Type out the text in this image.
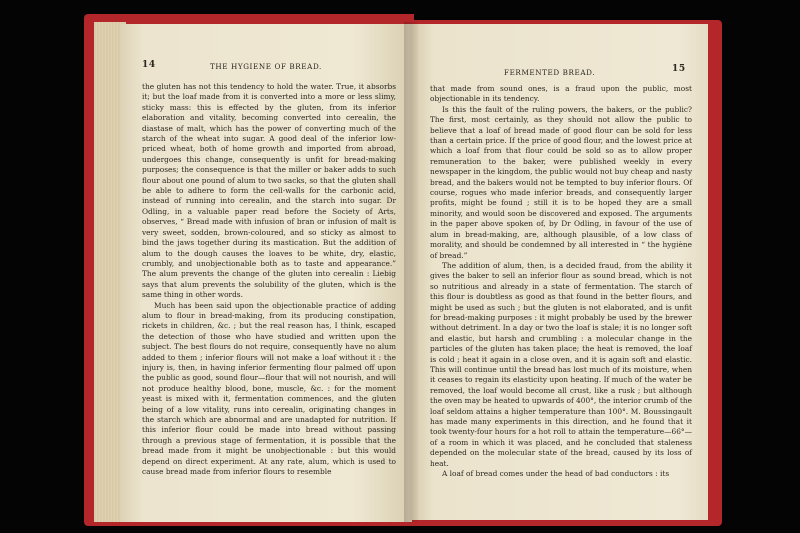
14	THE HYGIENE OF BREAD.

the gluten has not this tendency to hold the water. True, it absorbs it; but the loaf made from it is converted into a more or less slimy, sticky mass: this is effected by the gluten, from its inferior elaboration and vitality, becoming converted into cerealin, the diastase of malt, which has the power of converting much of the starch of the wheat into sugar. A good deal of the inferior low-priced wheat, both of home growth and imported from abroad, undergoes this change, consequently is unfit for bread-making purposes; the consequence is that the miller or baker adds to such flour about one pound of alum to two sacks, so that the gluten shall be able to adhere to form the cell-walls for the carbonic acid, instead of running into cerealin, and the starch into sugar. Dr Odling, in a valuable paper read before the Society of Arts, observes, “ Bread made with infusion of bran or infusion of malt is very sweet, sodden, brown-coloured, and so sticky as almost to bind the jaws together during its mastication. But the addition of alum to the dough causes the loaves to be white, dry, elastic, crumbly, and unobjectionable both as to taste and appearance.” The alum prevents the change of the gluten into cerealin : Liebig says that alum prevents the solubility of the gluten, which is the same thing in other words.

Much has been said upon the objectionable practice of adding alum to flour in bread-making, from its producing constipation, rickets in children, &c. ; but the real reason has, I think, escaped the detection of those who have studied and written upon the subject. The best flours do not require, consequently have no alum added to them ; inferior flours will not make a loaf without it : the injury is, then, in having inferior fermenting flour palmed off upon the public as good, sound flour—flour that will not nourish, and will not produce healthy blood, bone, muscle, &c. : for the moment yeast is mixed with it, fermentation commences, and the gluten being of a low vitality, runs into cerealin, originating changes in the starch which are abnormal and are unadapted for nutrition. If this inferior flour could be made into bread without passing through a previous stage of fermentation, it is possible that the bread made from it might be unobjectionable : but this would depend on direct experiment. At any rate, alum, which is used to cause bread made from inferior flours to resemble

FERMENTED BREAD.	15

that made from sound ones, is a fraud upon the public, most objectionable in its tendency.

Is this the fault of the ruling powers, the bakers, or the public? The first, most certainly, as they should not allow the public to believe that a loaf of bread made of good flour can be sold for less than a certain price. If the price of good flour, and the lowest price at which a loaf from that flour could be sold so as to allow proper remuneration to the baker, were published weekly in every newspaper in the kingdom, the public would not buy cheap and nasty bread, and the bakers would not be tempted to buy inferior flours. Of course, rogues who made inferior breads, and consequently larger profits, might be found ; still it is to be hoped they are a small minority, and would soon be discovered and exposed. The arguments in the paper above spoken of, by Dr Odling, in favour of the use of alum in bread-making, are, although plausible, of a low class of morality, and should be condemned by all interested in “ the hygiène of bread.”

The addition of alum, then, is a decided fraud, from the ability it gives the baker to sell an inferior flour as sound bread, which is not so nutritious and already in a state of fermentation. The starch of this flour is doubtless as good as that found in the better flours, and might be used as such ; but the gluten is not elaborated, and is unfit for bread-making purposes : it might probably be used by the brewer without detriment. In a day or two the loaf is stale; it is no longer soft and elastic, but harsh and crumbling : a molecular change in the particles of the gluten has taken place; the heat is removed, the loaf is cold ; heat it again in a close oven, and it is again soft and elastic. This will continue until the bread has lost much of its moisture, when it ceases to regain its elasticity upon heating. If much of the water be removed, the loaf would become all crust, like a rusk ; but although the oven may be heated to upwards of 400°, the interior crumb of the loaf seldom attains a higher temperature than 100°. M. Boussingault has made many experiments in this direction, and he found that it took twenty-four hours for a hot roll to attain the temperature—66°—of a room in which it was placed, and he concluded that staleness depended on the molecular state of the bread, caused by its loss of heat.

A loaf of bread comes under the head of bad conductors : its
